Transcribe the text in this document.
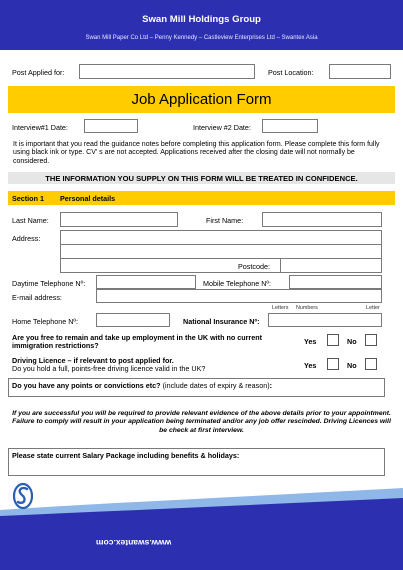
Swan Mill Holdings Group
Swan Mill Paper Co Ltd – Penny Kennedy – Castleview Enterprises Ltd – Swantex Asia
Post Applied for:	Post Location:
Job Application Form
Interview#1 Date:	Interview #2 Date:
It is important that you read the guidance notes before completing this application form. Please complete this form fully using black ink or type. CV' s are not accepted. Applications received after the closing date will not normally be considered.
THE INFORMATION YOU SUPPLY ON THIS FORM WILL BE TREATED IN CONFIDENCE.
Section 1 Personal details
Last Name:	First Name:
Address:
Postcode:
Daytime Telephone Nº:	Mobile Telephone Nº:
E-mail address:
Letters Numbers	Letter
Home Telephone Nº:	National Insurance Nº:
Are you free to remain and take up employment in the UK with no current
immigration restrictions?	Yes	No
Driving Licence – if relevant to post applied for.
Do you hold a full, points-free driving licence valid in the UK?	Yes	No
Do you have any points or convictions etc? (include dates of expiry & reason):
If you are successful you will be required to provide relevant evidence of the above details prior to your appointment. Failure to comply will result in your application being terminated and/or any job offer rescinded. Driving Licences will be check at first interview.
Please state current Salary Package including benefits & holidays:
www.swantex.com
